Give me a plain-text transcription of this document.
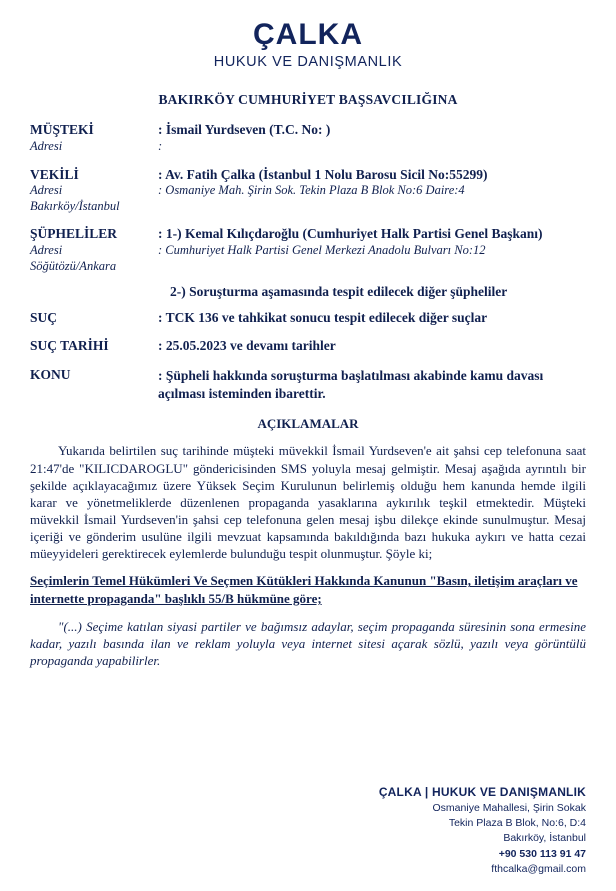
ÇALKA
HUKUK VE DANIŞMANLIK
BAKIRKÖY CUMHURİYET BAŞSAVCILIĞINA
MÜŞTEKİ	: İsmail Yurdseven (T.C. No: )
Adresi	:
VEKİLİ	: Av. Fatih Çalka (İstanbul 1 Nolu Barosu Sicil No:55299)
Adresi	: Osmaniye Mah. Şirin Sok. Tekin Plaza B Blok No:6 Daire:4
Bakırköy/İstanbul
ŞÜPHELİLER	: 1-) Kemal Kılıçdaroğlu (Cumhuriyet Halk Partisi Genel Başkanı)
Adresi	: Cumhuriyet Halk Partisi Genel Merkezi Anadolu Bulvarı No:12
Söğütözü/Ankara
2-) Soruşturma aşamasında tespit edilecek diğer şüpheliler
SUÇ	: TCK 136 ve tahkikat sonucu tespit edilecek diğer suçlar
SUÇ TARİHİ	: 25.05.2023 ve devamı tarihler
KONU	: Şüpheli hakkında soruşturma başlatılması akabinde kamu davası açılması isteminden ibarettir.
AÇIKLAMALAR

Yukarıda belirtilen suç tarihinde müşteki müvekkil İsmail Yurdseven'e ait şahsi cep telefonuna saat 21:47'de "KILICDAROGLU" göndericisinden SMS yoluyla mesaj gelmiştir. Mesaj aşağıda ayrıntılı bir şekilde açıklayacağımız üzere Yüksek Seçim Kurulunun belirlemiş olduğu hem kanunda hemde ilgili karar ve yönetmeliklerde düzenlenen propaganda yasaklarına aykırılık teşkil etmektedir. Müşteki müvekkil İsmail Yurdseven'in şahsi cep telefonuna gelen mesaj işbu dilekçe ekinde sunulmuştur. Mesaj içeriği ve gönderim usulüne ilgili mevzuat kapsamında bakıldığında bazı hukuka aykırı ve hatta cezai müeyyideleri gerektirecek eylemlerde bulunduğu tespit olunmuştur. Şöyle ki;

Seçimlerin Temel Hükümleri Ve Seçmen Kütükleri Hakkında Kanunun "Basın, iletişim araçları ve internette propaganda" başlıklı 55/B hükmüne göre;

"(...) Seçime katılan siyasi partiler ve bağımsız adaylar, seçim propaganda süresinin sona ermesine kadar, yazılı basında ilan ve reklam yoluyla veya internet sitesi açarak sözlü, yazılı veya görüntülü propaganda yapabilirler.

ÇALKA | HUKUK VE DANIŞMANLIK
Osmaniye Mahallesi, Şirin Sokak
Tekin Plaza B Blok, No:6, D:4
Bakırköy, İstanbul
+90 530 113 91 47
fthcalka@gmail.com
